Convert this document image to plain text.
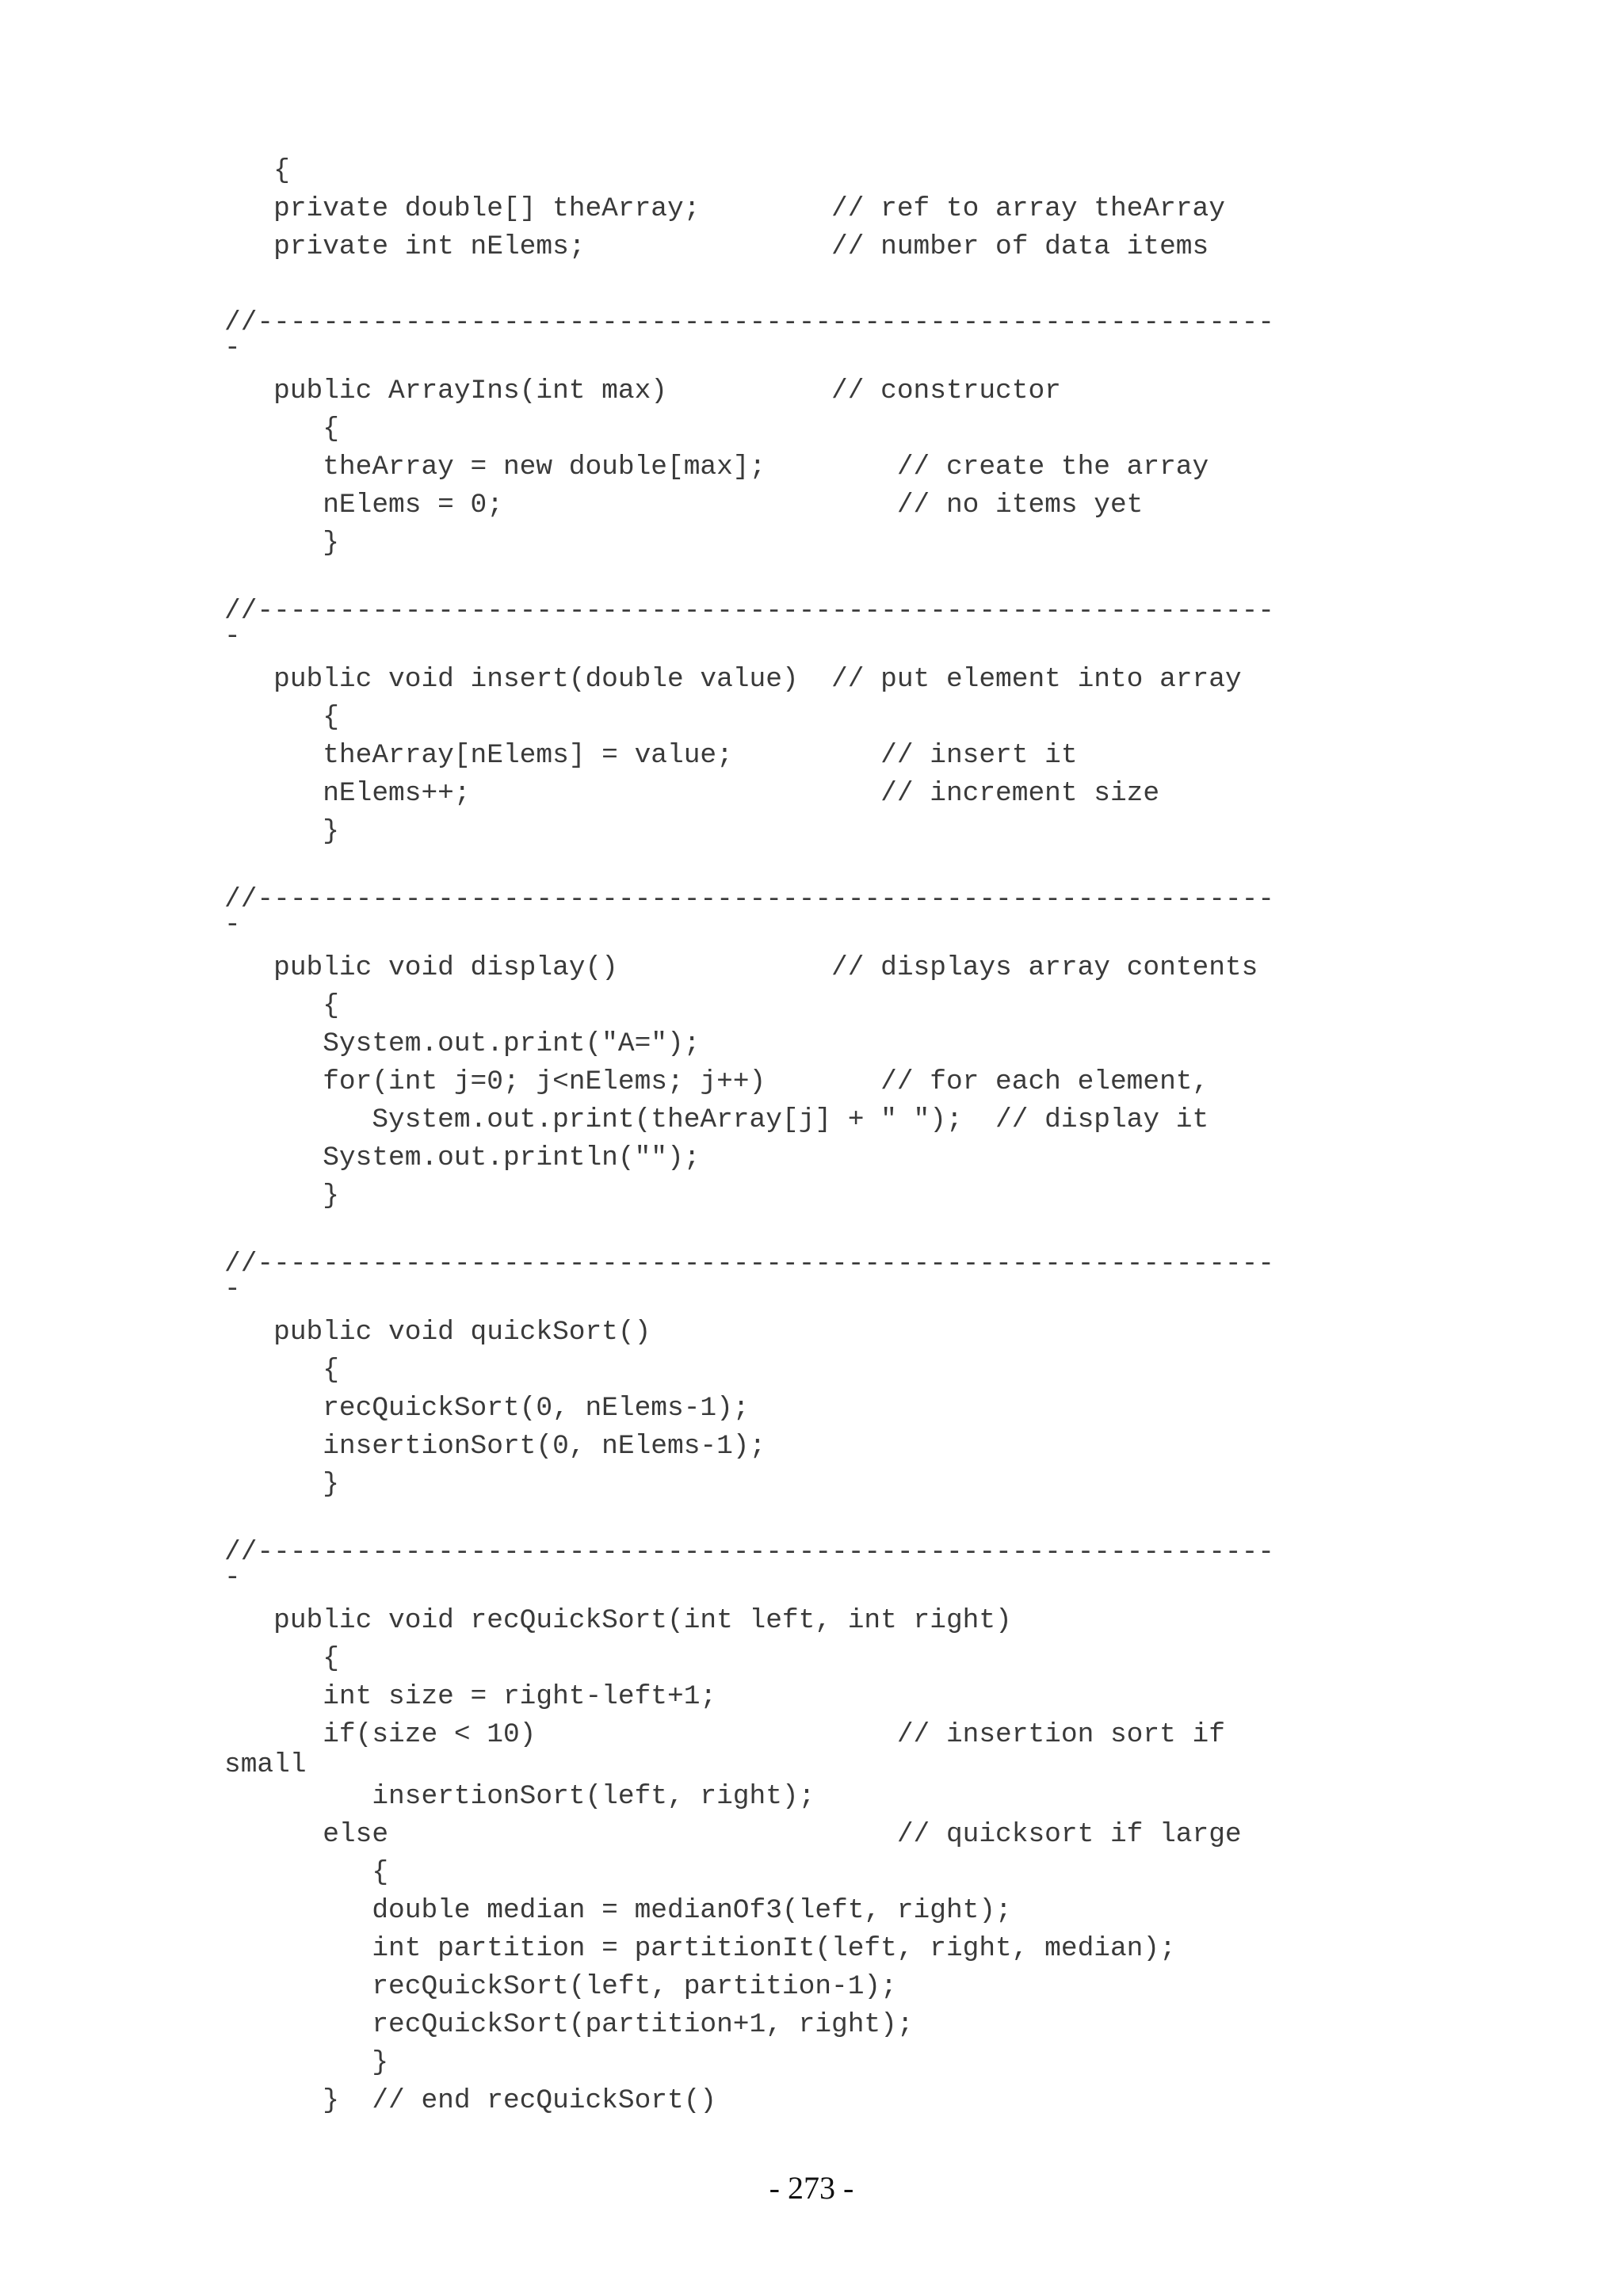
{
private double[] theArray;        // ref to array theArray
private int nElems;               // number of data items
//--------------------------------------------------------------
-
public ArrayIns(int max)          // constructor
{
theArray = new double[max];        // create the array
nElems = 0;                        // no items yet
}
//--------------------------------------------------------------
-
public void insert(double value)  // put element into array
{
theArray[nElems] = value;         // insert it
nElems++;                         // increment size
}
//--------------------------------------------------------------
-
public void display()             // displays array contents
{
System.out.print("A=");
for(int j=0; j<nElems; j++)       // for each element,
System.out.print(theArray[j] + " ");  // display it
System.out.println("");
}
//--------------------------------------------------------------
-
public void quickSort()
{
recQuickSort(0, nElems-1);
insertionSort(0, nElems-1);
}
//--------------------------------------------------------------
-
public void recQuickSort(int left, int right)
{
int size = right-left+1;
if(size < 10)                      // insertion sort if
small
insertionSort(left, right);
else                               // quicksort if large
{
double median = medianOf3(left, right);
int partition = partitionIt(left, right, median);
recQuickSort(left, partition-1);
recQuickSort(partition+1, right);
}
}  // end recQuickSort()
- 273 -
